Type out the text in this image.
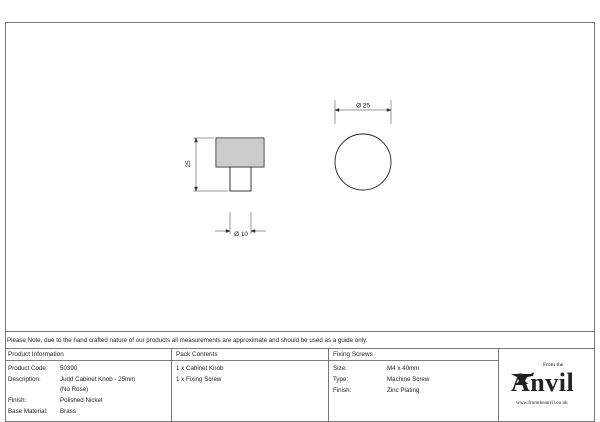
25
Ø 10
Ø 25
Please Note, due to the hand crafted nature of our products all measurements are approximate and should be used as a guide only.
Product Information
Product Code: 50390
Description:	Judd Cabinet Knob - 25mm
(No Rose)
Finish:	Polished Nickel
Base Material: Brass
Pack Contents
1 x Cabinet Knob
1 x Fixing Screw
Fixing Screws
Size:	M4 x 40mm
Type:	Machine Screw
Finish:	Zinc Plating
From the
Anvil
www.fromtheanvil.co.uk
